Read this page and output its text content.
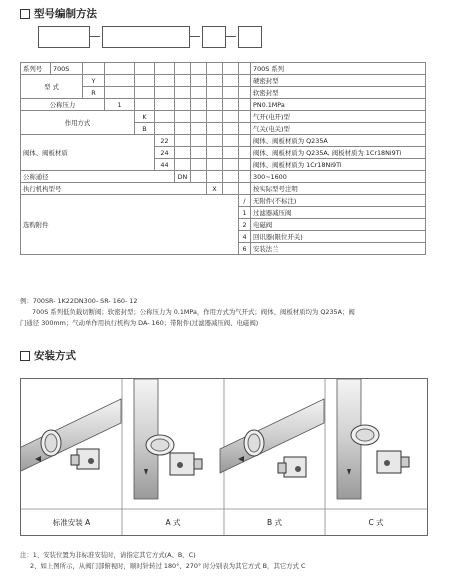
型号编制方法
系列号	700S										700S 系列
型 式		Y									硬密封型
		R									软密封型
公称压力			1								PN0.1MPa
作用方式				K							气开(电开)型
				B							气关(电关)型
阀体、阀板材质					22						阀体、阀板材质为 Q235A
					24						阀体、阀板材质为 Q235A, 阀板材质为 1Cr18Ni9Ti
					44						阀体、阀板材质为 1Cr18Ni9Ti
公称通径						DN					300~1600
执行机构型号								X			按实际型号注明
选购附件										/	无附件(不标注)
										1	过滤器减压阀
										2	电磁阀
										4	回讯器(限位开关)
										6	安装法兰
例：700SR- 1K22DN300- SR- 160- 12
700S 系列低负载切断阀；软密封型；公称压力为 0.1MPa，作用方式为气开式；阀体、阀板材质均为 Q235A；阀
门通径 300mm；气动单作用执行机构为 DA- 160；带附件(过滤器减压阀、电磁阀)
安装方式
标准安装 A	A 式	B 式	C 式
注：1、安装位置为非标准安装时，请指定其它方式(A、B、C)
2、如上图所示，从阀门部俯视时，顺时针转过 180°、270° 时分别表为其它方式 B，其它方式 C
